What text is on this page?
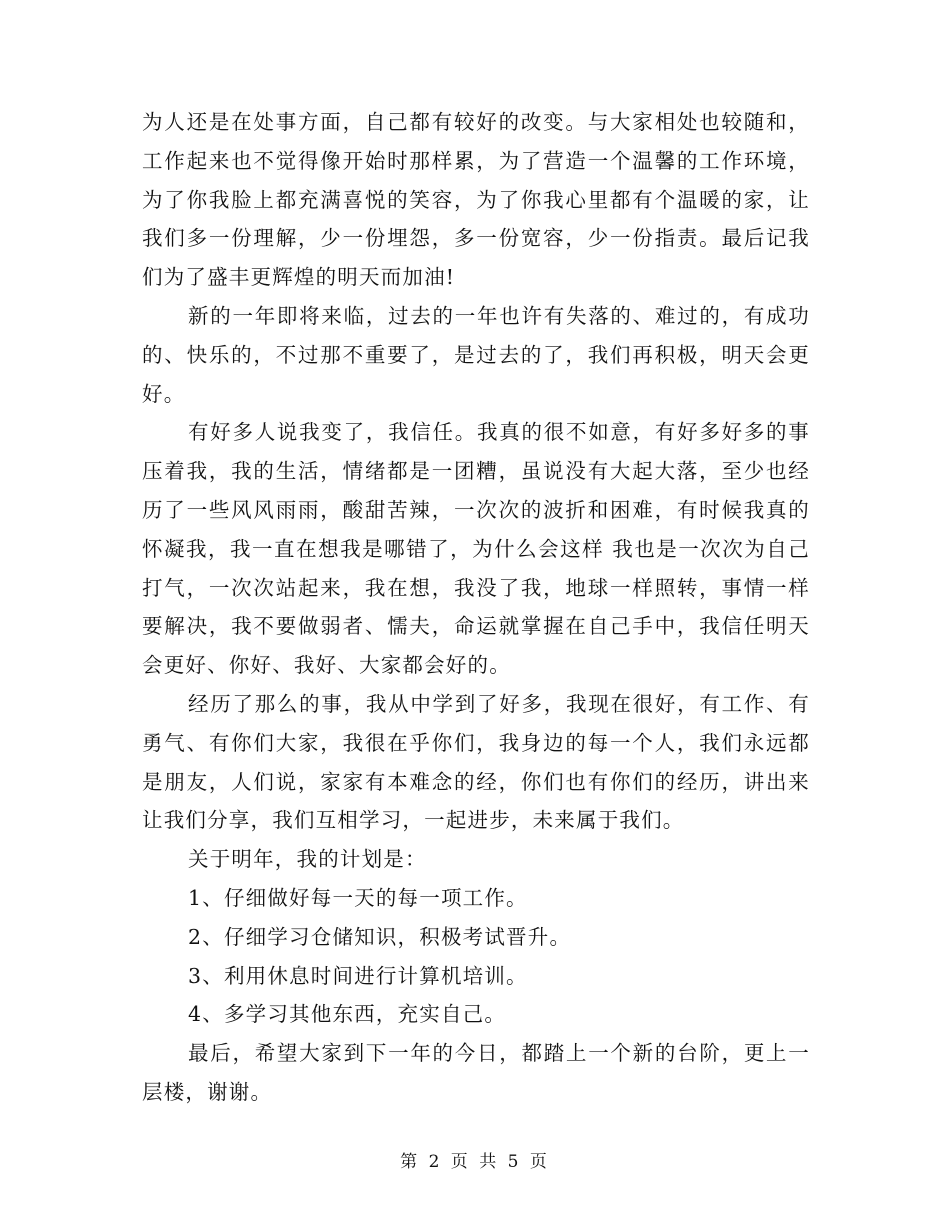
为人还是在处事方面，自己都有较好的改变。与大家相处也较随和，工作起来也不觉得像开始时那样累，为了营造一个温馨的工作环境，为了你我脸上都充满喜悦的笑容，为了你我心里都有个温暖的家，让我们多一份理解，少一份埋怨，多一份宽容，少一份指责。最后记我们为了盛丰更辉煌的明天而加油!

新的一年即将来临，过去的一年也许有失落的、难过的，有成功的、快乐的，不过那不重要了，是过去的了，我们再积极，明天会更好。

有好多人说我变了，我信任。我真的很不如意，有好多好多的事压着我，我的生活，情绪都是一团糟，虽说没有大起大落，至少也经历了一些风风雨雨，酸甜苦辣，一次次的波折和困难，有时候我真的怀凝我，我一直在想我是哪错了，为什么会这样 我也是一次次为自己打气，一次次站起来，我在想，我没了我，地球一样照转，事情一样要解决，我不要做弱者、懦夫，命运就掌握在自己手中，我信任明天会更好、你好、我好、大家都会好的。

经历了那么的事，我从中学到了好多，我现在很好，有工作、有勇气、有你们大家，我很在乎你们，我身边的每一个人，我们永远都是朋友，人们说，家家有本难念的经，你们也有你们的经历，讲出来让我们分享，我们互相学习，一起进步，未来属于我们。

关于明年，我的计划是：

1、仔细做好每一天的每一项工作。

2、仔细学习仓储知识，积极考试晋升。

3、利用休息时间进行计算机培训。

4、多学习其他东西，充实自己。

最后，希望大家到下一年的今日，都踏上一个新的台阶，更上一层楼，谢谢。

第 2 页 共 5 页
